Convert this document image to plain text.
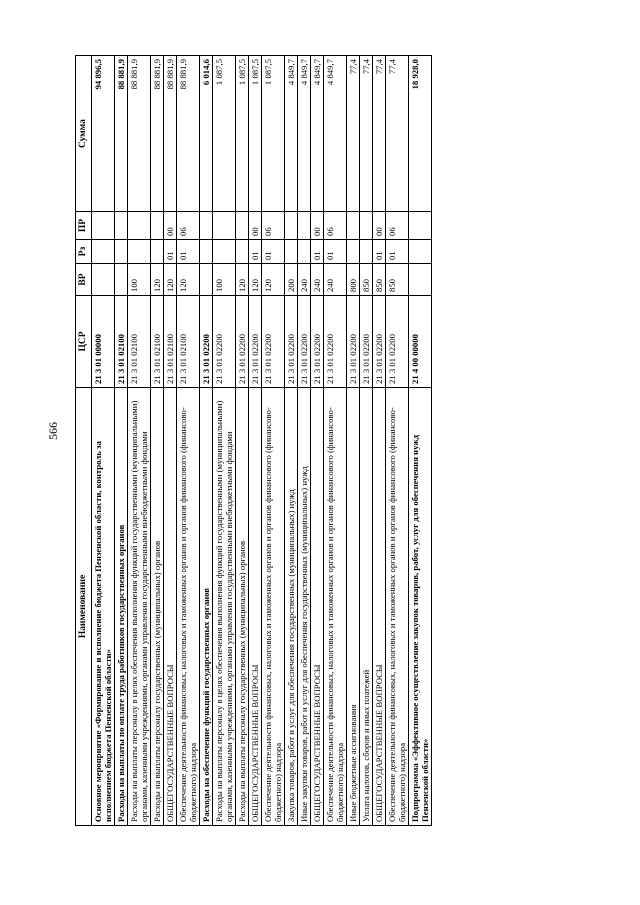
566
Наименование	ЦСР	ВР	Рз	ПР	Сумма
Основное мероприятие «Формирование и исполнение бюджета Пензенской области, контроль за исполнением бюджета Пензенской области»	21 3 01 00000				94 896,5
Расходы на выплаты по оплате труда работников государственных органов	21 3 01 02100				88 881,9
Расходы на выплаты персоналу в целях обеспечения выполнения функций государственными (муниципальными) органами, казенными учреждениями, органами управления государственными внебюджетными фондами	21 3 01 02100	100			88 881,9
Расходы на выплаты персоналу государственных (муниципальных) органов	21 3 01 02100	120			88 881,9
ОБЩЕГОСУДАРСТВЕННЫЕ ВОПРОСЫ	21 3 01 02100	120	01	00	88 881,9
Обеспечение деятельности финансовых, налоговых и таможенных органов и органов финансового (финансово-бюджетного) надзора	21 3 01 02100	120	01	06	88 881,9
Расходы на обеспечение функций государственных органов	21 3 01 02200				6 014,6
Расходы на выплаты персоналу в целях обеспечения выполнения функций государственными (муниципальными) органами, казенными учреждениями, органами управления государственными внебюджетными фондами	21 3 01 02200	100			1 087,5
Расходы на выплаты персоналу государственных (муниципальных) органов	21 3 01 02200	120			1 087,5
ОБЩЕГОСУДАРСТВЕННЫЕ ВОПРОСЫ	21 3 01 02200	120	01	00	1 087,5
Обеспечение деятельности финансовых, налоговых и таможенных органов и органов финансового (финансово-бюджетного) надзора	21 3 01 02200	120	01	06	1 087,5
Закупка товаров, работ и услуг для обеспечения государственных (муниципальных) нужд	21 3 01 02200	200			4 849,7
Иные закупки товаров, работ и услуг для обеспечения государственных (муниципальных) нужд	21 3 01 02200	240			4 849,7
ОБЩЕГОСУДАРСТВЕННЫЕ ВОПРОСЫ	21 3 01 02200	240	01	00	4 849,7
Обеспечение деятельности финансовых, налоговых и таможенных органов и органов финансового (финансово-бюджетного) надзора	21 3 01 02200	240	01	06	4 849,7
Иные бюджетные ассигнования	21 3 01 02200	800			77,4
Уплата налогов, сборов и иных платежей	21 3 01 02200	850			77,4
ОБЩЕГОСУДАРСТВЕННЫЕ ВОПРОСЫ	21 3 01 02200	850	01	00	77,4
Обеспечение деятельности финансовых, налоговых и таможенных органов и органов финансового (финансово-бюджетного) надзора	21 3 01 02200	850	01	06	77,4
Подпрограмма «Эффективное осуществление закупок товаров, работ, услуг для обеспечения нужд Пензенской области»	21 4 00 00000				18 928,0
